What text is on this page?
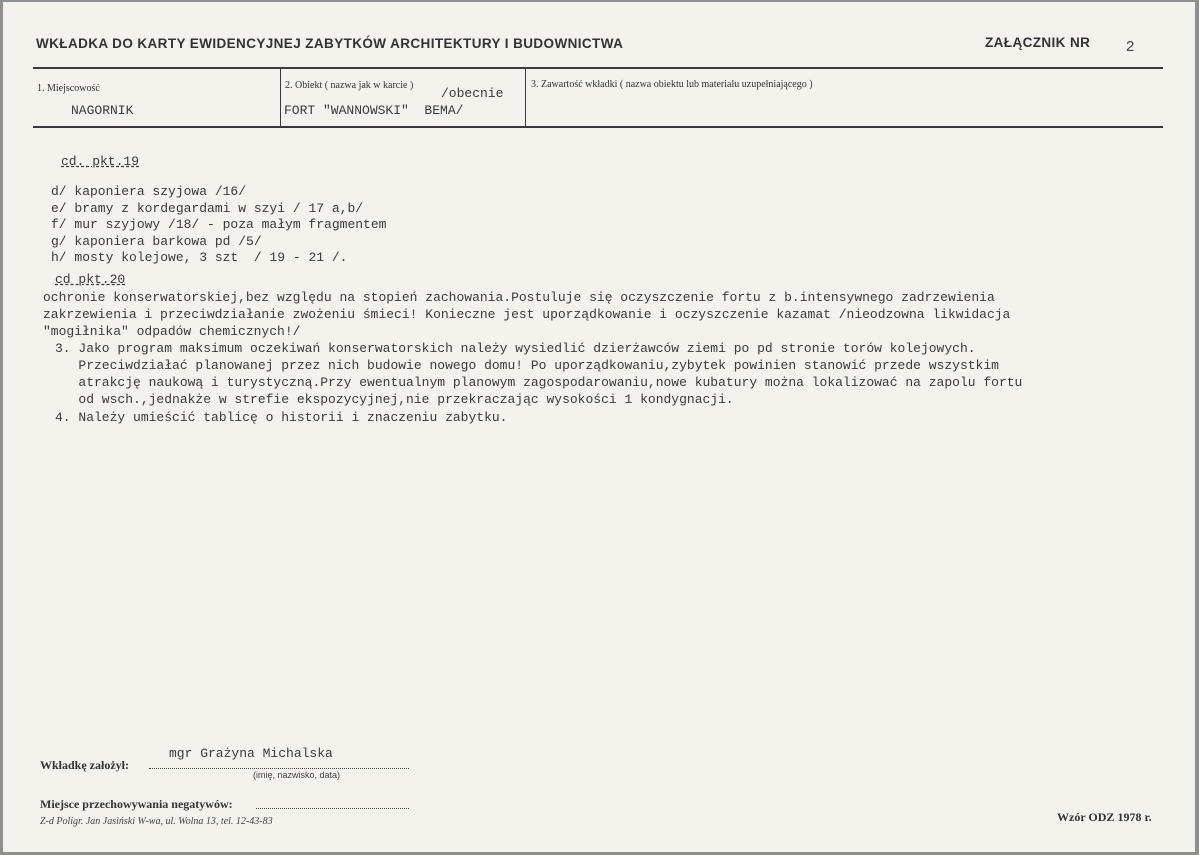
WKŁADKA DO KARTY EWIDENCYJNEJ ZABYTKÓW ARCHITEKTURY I BUDOWNICTWA	ZAŁĄCZNIK NR 2
1. Miejscowość
NAGORNIK
2. Obiekt ( nazwa jak w karcie )
/obecnie
FORT "WANNOWSKI"  BEMA/
3. Zawartość wkładki ( nazwa obiektu lub materiału uzupełniającego )
cd. pkt.19
d/ kaponiera szyjowa /16/
e/ bramy z kordegardami w szyi / 17 a,b/
f/ mur szyjowy /18/ - poza małym fragmentem
g/ kaponiera barkowa pd /5/
h/ mosty kolejowe, 3 szt  / 19 - 21 /.
cd pkt.20
ochronie konserwatorskiej,bez względu na stopień zachowania.Postuluje się oczyszczenie fortu z b.intensywnego zadrzewienia
zakrzewienia i przeciwdziałanie zwożeniu śmieci! Konieczne jest uporządkowanie i oczyszczenie kazamat /nieodzowna likwidacja
"mogiłnika" odpadów chemicznych!/
3. Jako program maksimum oczekiwań konserwatorskich należy wysiedlić dzierżawców ziemi po pd stronie torów kolejowych.
Przeciwdziałać planowanej przez nich budowie nowego domu! Po uporządkowaniu,zybytek powinien stanowić przede wszystkim
atrakcję naukową i turystyczną.Przy ewentualnym planowym zagospodarowaniu,nowe kubatury można lokalizować na zapolu fortu
od wsch.,jednakże w strefie ekspozycyjnej,nie przekraczając wysokości 1 kondygnacji.
4. Należy umieścić tablicę o historii i znaczeniu zabytku.
Wkładkę założył:
mgr Grażyna Michalska
(imię, nazwisko, data)
Miejsce przechowywania negatywów:
Z-d Poligr. Jan Jasiński W-wa, ul. Wolna 13, tel. 12-43-83	Wzór ODZ 1978 r.
